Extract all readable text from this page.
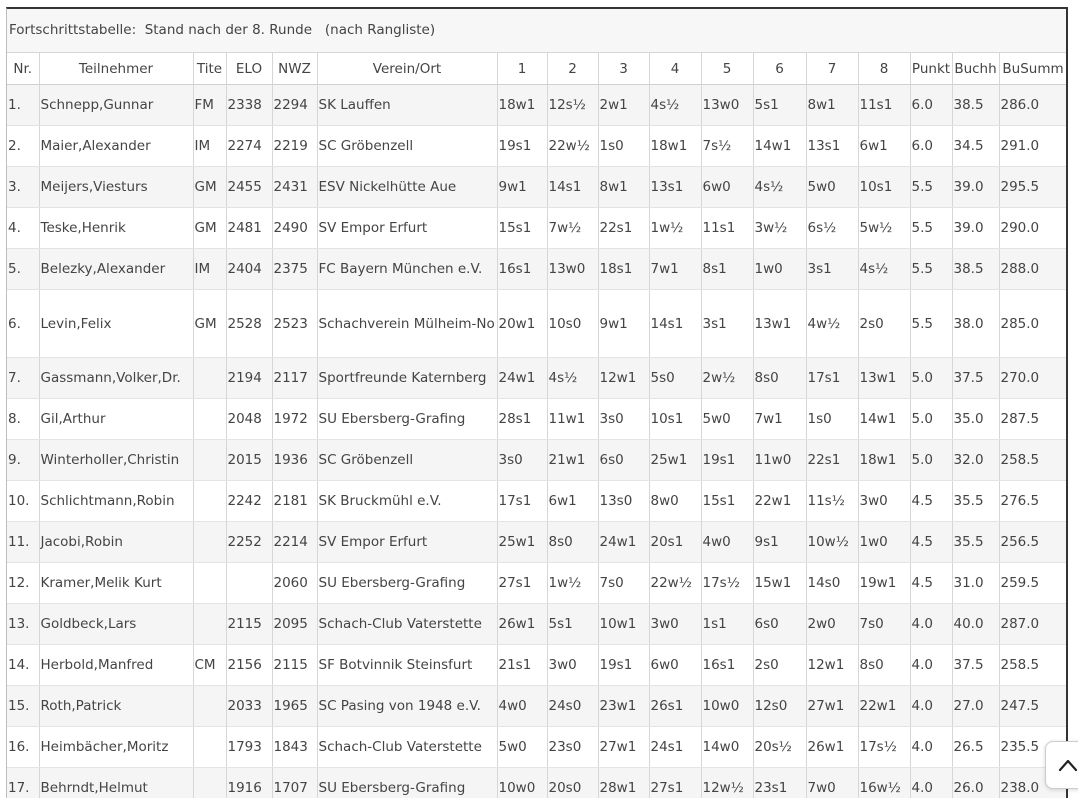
Fortschrittstabelle:  Stand nach der 8. Runde   (nach Rangliste)
Nr.	Teilnehmer	Tite	ELO	NWZ	Verein/Ort	1	2	3	4	5	6	7	8	Punkt	Buchh	BuSumm
1.	Schnepp,Gunnar	FM	2338	2294	SK Lauffen	18w1	12s½	2w1	4s½	13w0	5s1	8w1	11s1	6.0	38.5	286.0
2.	Maier,Alexander	IM	2274	2219	SC Gröbenzell	19s1	22w½	1s0	18w1	7s½	14w1	13s1	6w1	6.0	34.5	291.0
3.	Meijers,Viesturs	GM	2455	2431	ESV Nickelhütte Aue	9w1	14s1	8w1	13s1	6w0	4s½	5w0	10s1	5.5	39.0	295.5
4.	Teske,Henrik	GM	2481	2490	SV Empor Erfurt	15s1	7w½	22s1	1w½	11s1	3w½	6s½	5w½	5.5	39.0	290.0
5.	Belezky,Alexander	IM	2404	2375	FC Bayern München e.V.	16s1	13w0	18s1	7w1	8s1	1w0	3s1	4s½	5.5	38.5	288.0
6.	Levin,Felix	GM	2528	2523	Schachverein Mülheim-No	20w1	10s0	9w1	14s1	3s1	13w1	4w½	2s0	5.5	38.0	285.0
7.	Gassmann,Volker,Dr.		2194	2117	Sportfreunde Katernberg	24w1	4s½	12w1	5s0	2w½	8s0	17s1	13w1	5.0	37.5	270.0
8.	Gil,Arthur		2048	1972	SU Ebersberg-Grafing	28s1	11w1	3s0	10s1	5w0	7w1	1s0	14w1	5.0	35.0	287.5
9.	Winterholler,Christin		2015	1936	SC Gröbenzell	3s0	21w1	6s0	25w1	19s1	11w0	22s1	18w1	5.0	32.0	258.5
10.	Schlichtmann,Robin		2242	2181	SK Bruckmühl e.V.	17s1	6w1	13s0	8w0	15s1	22w1	11s½	3w0	4.5	35.5	276.5
11.	Jacobi,Robin		2252	2214	SV Empor Erfurt	25w1	8s0	24w1	20s1	4w0	9s1	10w½	1w0	4.5	35.5	256.5
12.	Kramer,Melik Kurt			2060	SU Ebersberg-Grafing	27s1	1w½	7s0	22w½	17s½	15w1	14s0	19w1	4.5	31.0	259.5
13.	Goldbeck,Lars		2115	2095	Schach-Club Vaterstette	26w1	5s1	10w1	3w0	1s1	6s0	2w0	7s0	4.0	40.0	287.0
14.	Herbold,Manfred	CM	2156	2115	SF Botvinnik Steinsfurt	21s1	3w0	19s1	6w0	16s1	2s0	12w1	8s0	4.0	37.5	258.5
15.	Roth,Patrick		2033	1965	SC Pasing von 1948 e.V.	4w0	24s0	23w1	26s1	10w0	12s0	27w1	22w1	4.0	27.0	247.5
16.	Heimbächer,Moritz		1793	1843	Schach-Club Vaterstette	5w0	23s0	27w1	24s1	14w0	20s½	26w1	17s½	4.0	26.5	235.5
17.	Behrndt,Helmut		1916	1707	SU Ebersberg-Grafing	10w0	20s0	28w1	27s1	12w½	23s1	7w0	16w½	4.0	26.0	238.0
